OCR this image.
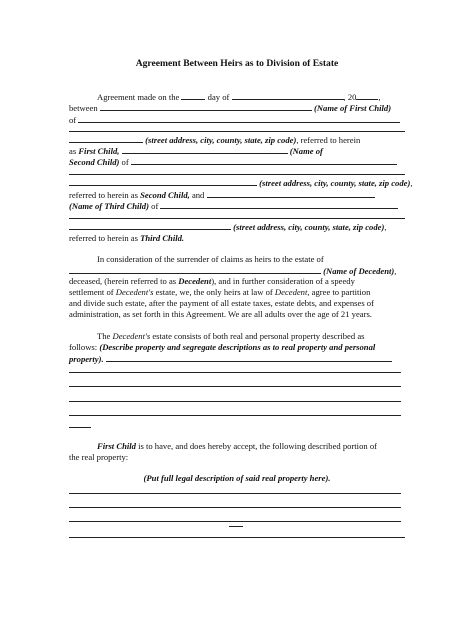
Agreement Between Heirs as to Division of Estate
Agreement made on the	day of	, 20	,
between	(Name of First Child)
of
(street address, city, county, state, zip code), referred to herein
as First Child,	(Name of
Second Child) of
(street address, city, county, state, zip code),
referred to herein as Second Child, and
(Name of Third Child) of
(street address, city, county, state, zip code),
referred to herein as Third Child.
In consideration of the surrender of claims as heirs to the estate of
(Name of Decedent),
deceased, (herein referred to as Decedent), and in further consideration of a speedy
settlement of Decedent's estate, we, the only heirs at law of Decedent, agree to partition
and divide such estate, after the payment of all estate taxes, estate debts, and expenses of
administration, as set forth in this Agreement. We are all adults over the age of 21 years.
The Decedent's estate consists of both real and personal property described as
follows: (Describe property and segregate descriptions as to real property and personal
property).
First Child is to have, and does hereby accept, the following described portion of
the real property:
(Put full legal description of said real property here).
